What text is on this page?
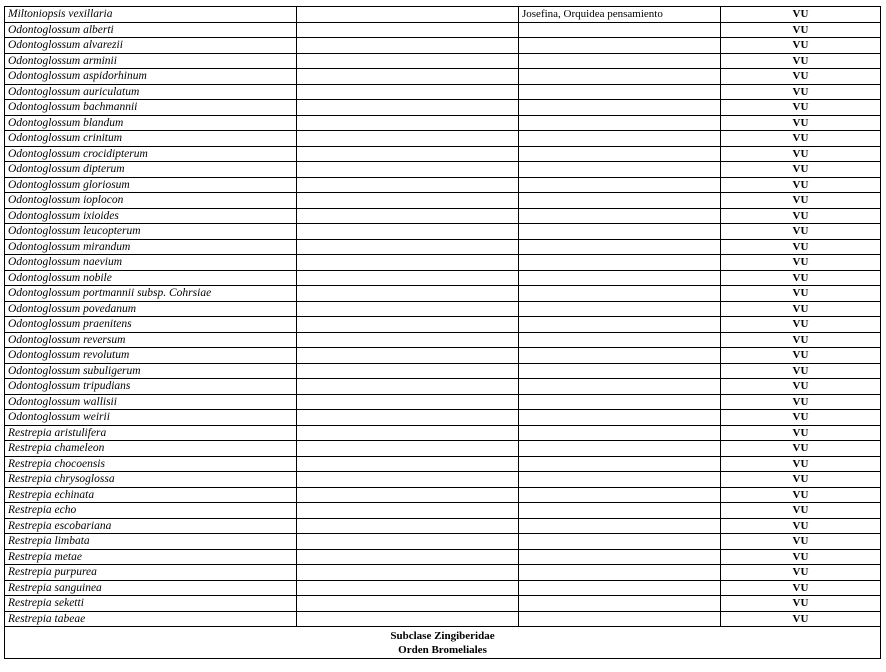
Miltoniopsis vexillaria		Josefina, Orquidea pensamiento	VU
Odontoglossum alberti			VU
Odontoglossum alvarezii			VU
Odontoglossum arminii			VU
Odontoglossum aspidorhinum			VU
Odontoglossum auriculatum			VU
Odontoglossum bachmannii			VU
Odontoglossum blandum			VU
Odontoglossum crinitum			VU
Odontoglossum crocidipterum			VU
Odontoglossum dipterum			VU
Odontoglossum gloriosum			VU
Odontoglossum ioplocon			VU
Odontoglossum ixioides			VU
Odontoglossum leucopterum			VU
Odontoglossum mirandum			VU
Odontoglossum naevium			VU
Odontoglossum nobile			VU
Odontoglossum portmannii subsp. Cohrsiae			VU
Odontoglossum povedanum			VU
Odontoglossum praenitens			VU
Odontoglossum reversum			VU
Odontoglossum revolutum			VU
Odontoglossum subuligerum			VU
Odontoglossum tripudians			VU
Odontoglossum wallisii			VU
Odontoglossum weirii			VU
Restrepia aristulifera			VU
Restrepia chameleon			VU
Restrepia chocoensis			VU
Restrepia chrysoglossa			VU
Restrepia echinata			VU
Restrepia echo			VU
Restrepia escobariana			VU
Restrepia limbata			VU
Restrepia metae			VU
Restrepia purpurea			VU
Restrepia sanguinea			VU
Restrepia seketti			VU
Restrepia tabeae			VU

Subclase Zingiberidae
Orden Bromeliales			
